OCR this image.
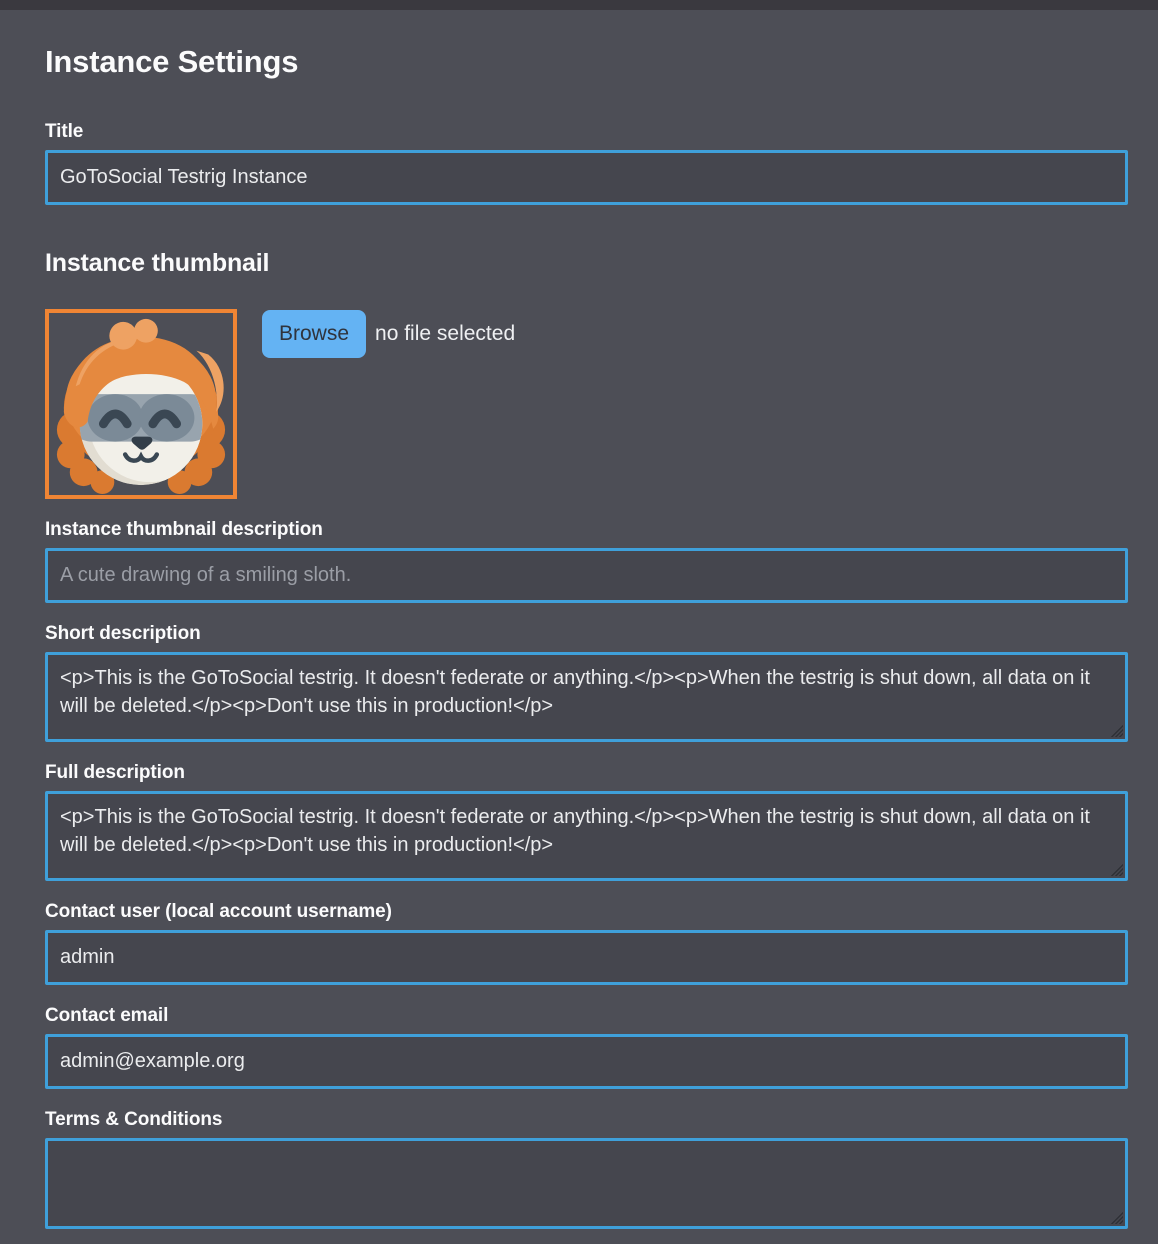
Instance Settings
Title
GoToSocial Testrig Instance
Instance thumbnail
Browse	no file selected
Instance thumbnail description
A cute drawing of a smiling sloth.
Short description
<p>This is the GoToSocial testrig. It doesn't federate or anything.</p><p>When the testrig is shut down, all data on it will be deleted.</p><p>Don't use this in production!</p>
Full description
<p>This is the GoToSocial testrig. It doesn't federate or anything.</p><p>When the testrig is shut down, all data on it will be deleted.</p><p>Don't use this in production!</p>
Contact user (local account username)
admin
Contact email
admin@example.org
Terms & Conditions
